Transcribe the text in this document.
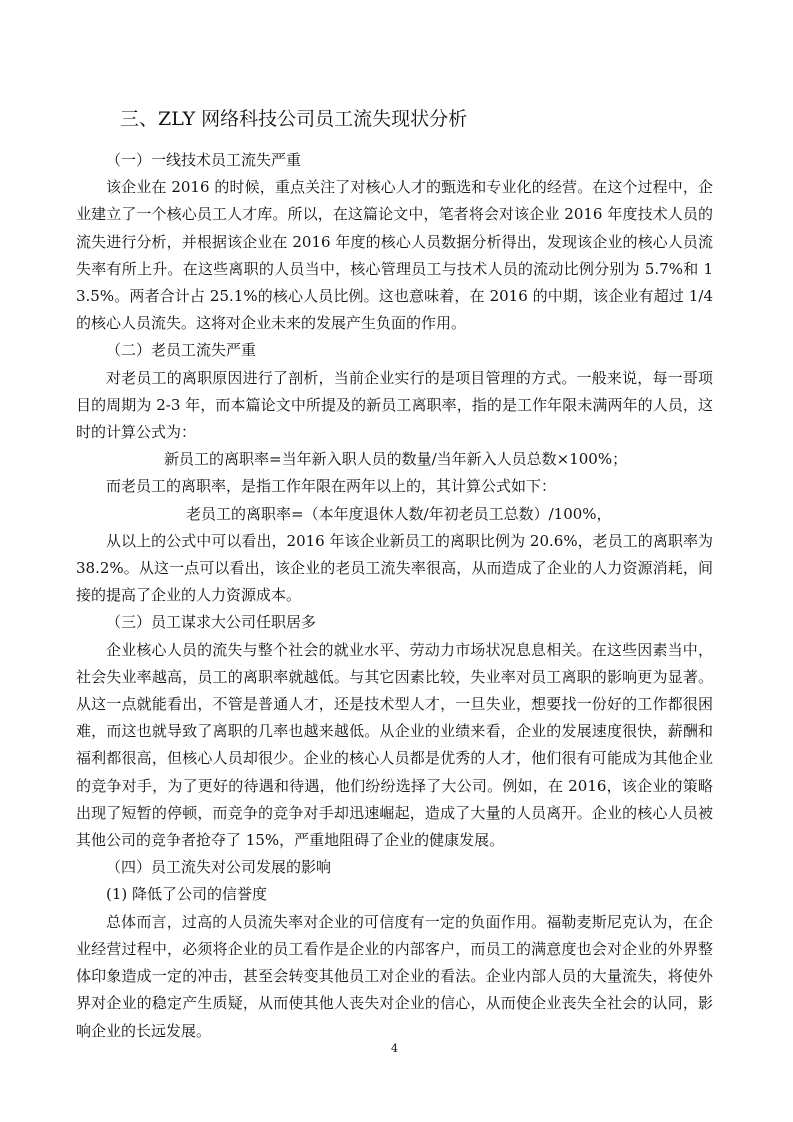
三、ZLY 网络科技公司员工流失现状分析

（一）一线技术员工流失严重

该企业在 2016 的时候，重点关注了对核心人才的甄选和专业化的经营。在这个过程中，企业建立了一个核心员工人才库。所以，在这篇论文中，笔者将会对该企业 2016 年度技术人员的流失进行分析，并根据该企业在 2016 年度的核心人员数据分析得出，发现该企业的核心人员流失率有所上升。在这些离职的人员当中，核心管理员工与技术人员的流动比例分别为 5.7%和 13.5%。两者合计占 25.1%的核心人员比例。这也意味着，在 2016 的中期，该企业有超过 1/4 的核心人员流失。这将对企业未来的发展产生负面的作用。

（二）老员工流失严重

对老员工的离职原因进行了剖析，当前企业实行的是项目管理的方式。一般来说，每一哥项目的周期为 2-3 年，而本篇论文中所提及的新员工离职率，指的是工作年限未满两年的人员，这时的计算公式为：

新员工的离职率=当年新入职人员的数量/当年新入人员总数×100%；

而老员工的离职率，是指工作年限在两年以上的，其计算公式如下：

老员工的离职率=（本年度退休人数/年初老员工总数）/100%，

从以上的公式中可以看出，2016 年该企业新员工的离职比例为 20.6%，老员工的离职率为 38.2%。从这一点可以看出，该企业的老员工流失率很高，从而造成了企业的人力资源消耗，间接的提高了企业的人力资源成本。

（三）员工谋求大公司任职居多

企业核心人员的流失与整个社会的就业水平、劳动力市场状况息息相关。在这些因素当中，社会失业率越高，员工的离职率就越低。与其它因素比较，失业率对员工离职的影响更为显著。从这一点就能看出，不管是普通人才，还是技术型人才，一旦失业，想要找一份好的工作都很困难，而这也就导致了离职的几率也越来越低。从企业的业绩来看，企业的发展速度很快，薪酬和福利都很高，但核心人员却很少。企业的核心人员都是优秀的人才，他们很有可能成为其他企业的竞争对手，为了更好的待遇和待遇，他们纷纷选择了大公司。例如，在 2016，该企业的策略出现了短暂的停顿，而竞争的竞争对手却迅速崛起，造成了大量的人员离开。企业的核心人员被其他公司的竞争者抢夺了 15%，严重地阻碍了企业的健康发展。

（四）员工流失对公司发展的影响

(1) 降低了公司的信誉度

总体而言，过高的人员流失率对企业的可信度有一定的负面作用。福勒麦斯尼克认为，在企业经营过程中，必须将企业的员工看作是企业的内部客户，而员工的满意度也会对企业的外界整体印象造成一定的冲击，甚至会转变其他员工对企业的看法。企业内部人员的大量流失，将使外界对企业的稳定产生质疑，从而使其他人丧失对企业的信心，从而使企业丧失全社会的认同，影响企业的长远发展。

4
